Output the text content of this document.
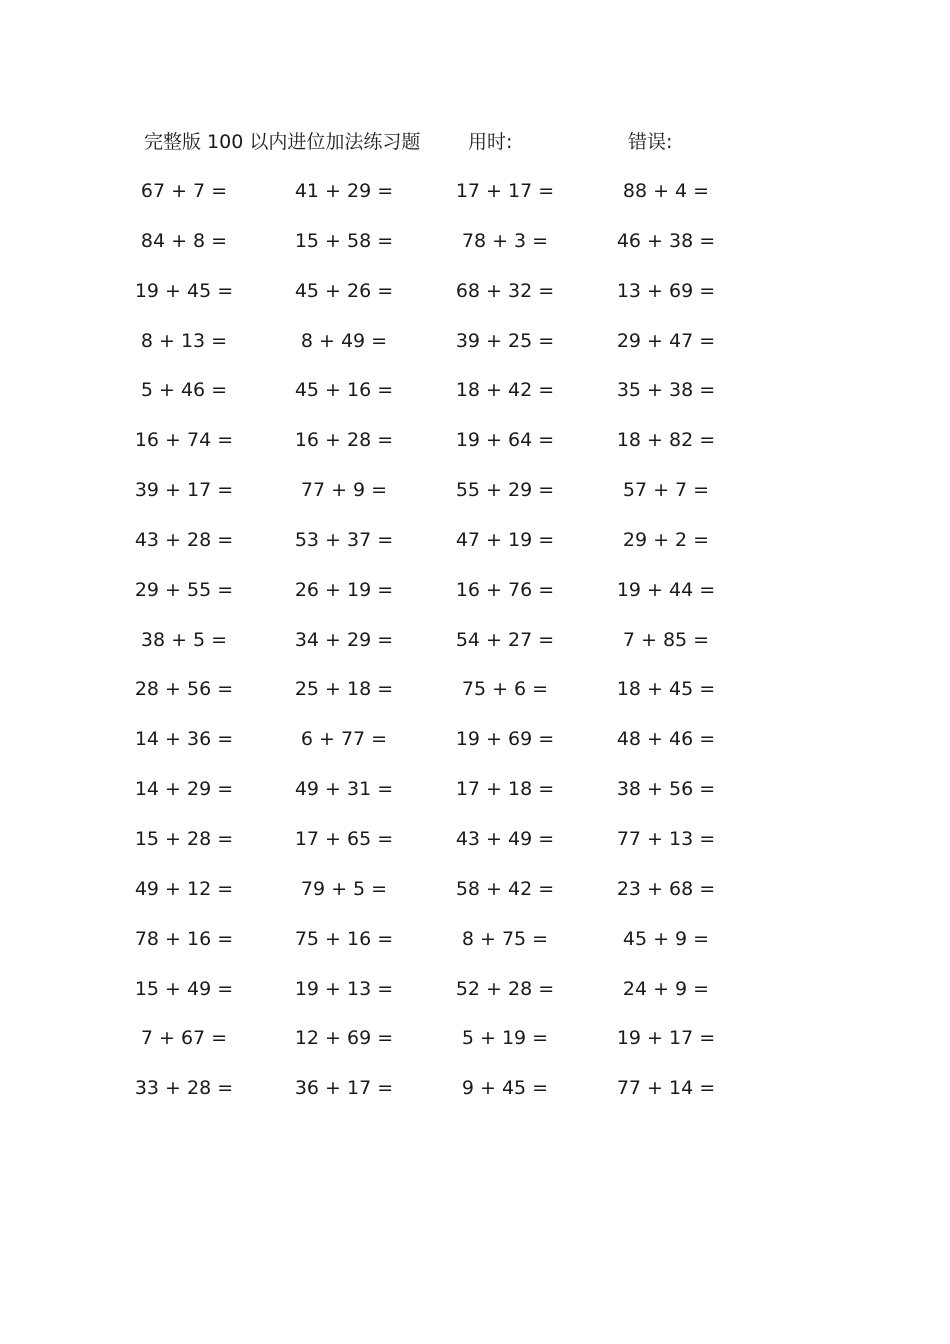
完整版 100 以内进位加法练习题	用时:	错误:
67 + 7 =	41 + 29 =	17 + 17 =	88 + 4 =
84 + 8 =	15 + 58 =	78 + 3 =	46 + 38 =
19 + 45 =	45 + 26 =	68 + 32 =	13 + 69 =
8 + 13 =	8 + 49 =	39 + 25 =	29 + 47 =
5 + 46 =	45 + 16 =	18 + 42 =	35 + 38 =
16 + 74 =	16 + 28 =	19 + 64 =	18 + 82 =
39 + 17 =	77 + 9 =	55 + 29 =	57 + 7 =
43 + 28 =	53 + 37 =	47 + 19 =	29 + 2 =
29 + 55 =	26 + 19 =	16 + 76 =	19 + 44 =
38 + 5 =	34 + 29 =	54 + 27 =	7 + 85 =
28 + 56 =	25 + 18 =	75 + 6 =	18 + 45 =
14 + 36 =	6 + 77 =	19 + 69 =	48 + 46 =
14 + 29 =	49 + 31 =	17 + 18 =	38 + 56 =
15 + 28 =	17 + 65 =	43 + 49 =	77 + 13 =
49 + 12 =	79 + 5 =	58 + 42 =	23 + 68 =
78 + 16 =	75 + 16 =	8 + 75 =	45 + 9 =
15 + 49 =	19 + 13 =	52 + 28 =	24 + 9 =
7 + 67 =	12 + 69 =	5 + 19 =	19 + 17 =
33 + 28 =	36 + 17 =	9 + 45 =	77 + 14 =
